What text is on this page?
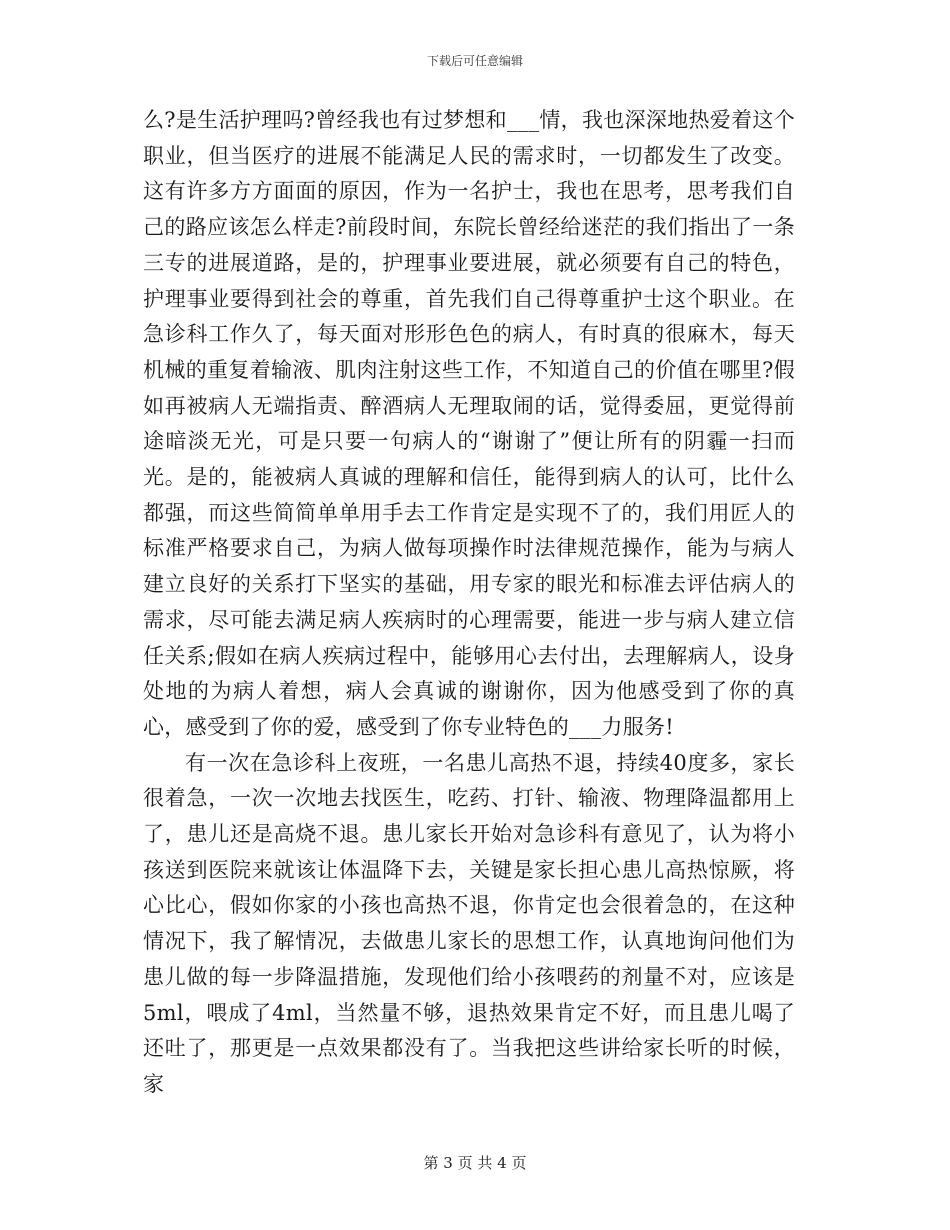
下载后可任意编辑

么?是生活护理吗?曾经我也有过梦想和___情，我也深深地热爱着这个职业，但当医疗的进展不能满足人民的需求时，一切都发生了改变。这有许多方方面面的原因，作为一名护士，我也在思考，思考我们自己的路应该怎么样走?前段时间，东院长曾经给迷茫的我们指出了一条三专的进展道路，是的，护理事业要进展，就必须要有自己的特色，护理事业要得到社会的尊重，首先我们自己得尊重护士这个职业。在急诊科工作久了，每天面对形形色色的病人，有时真的很麻木，每天机械的重复着输液、肌肉注射这些工作，不知道自己的价值在哪里?假如再被病人无端指责、醉酒病人无理取闹的话，觉得委屈，更觉得前途暗淡无光，可是只要一句病人的“谢谢了”便让所有的阴霾一扫而光。是的，能被病人真诚的理解和信任，能得到病人的认可，比什么都强，而这些简简单单用手去工作肯定是实现不了的，我们用匠人的标准严格要求自己，为病人做每项操作时法律规范操作，能为与病人建立良好的关系打下坚实的基础，用专家的眼光和标准去评估病人的需求，尽可能去满足病人疾病时的心理需要，能进一步与病人建立信任关系;假如在病人疾病过程中，能够用心去付出，去理解病人，设身处地的为病人着想，病人会真诚的谢谢你，因为他感受到了你的真心，感受到了你的爱，感受到了你专业特色的___力服务!

有一次在急诊科上夜班，一名患儿高热不退，持续40度多，家长很着急，一次一次地去找医生，吃药、打针、输液、物理降温都用上了，患儿还是高烧不退。患儿家长开始对急诊科有意见了，认为将小孩送到医院来就该让体温降下去，关键是家长担心患儿高热惊厥，将心比心，假如你家的小孩也高热不退，你肯定也会很着急的，在这种情况下，我了解情况，去做患儿家长的思想工作，认真地询问他们为患儿做的每一步降温措施，发现他们给小孩喂药的剂量不对，应该是5ml，喂成了4ml，当然量不够，退热效果肯定不好，而且患儿喝了还吐了，那更是一点效果都没有了。当我把这些讲给家长听的时候，家

第 3 页 共 4 页
